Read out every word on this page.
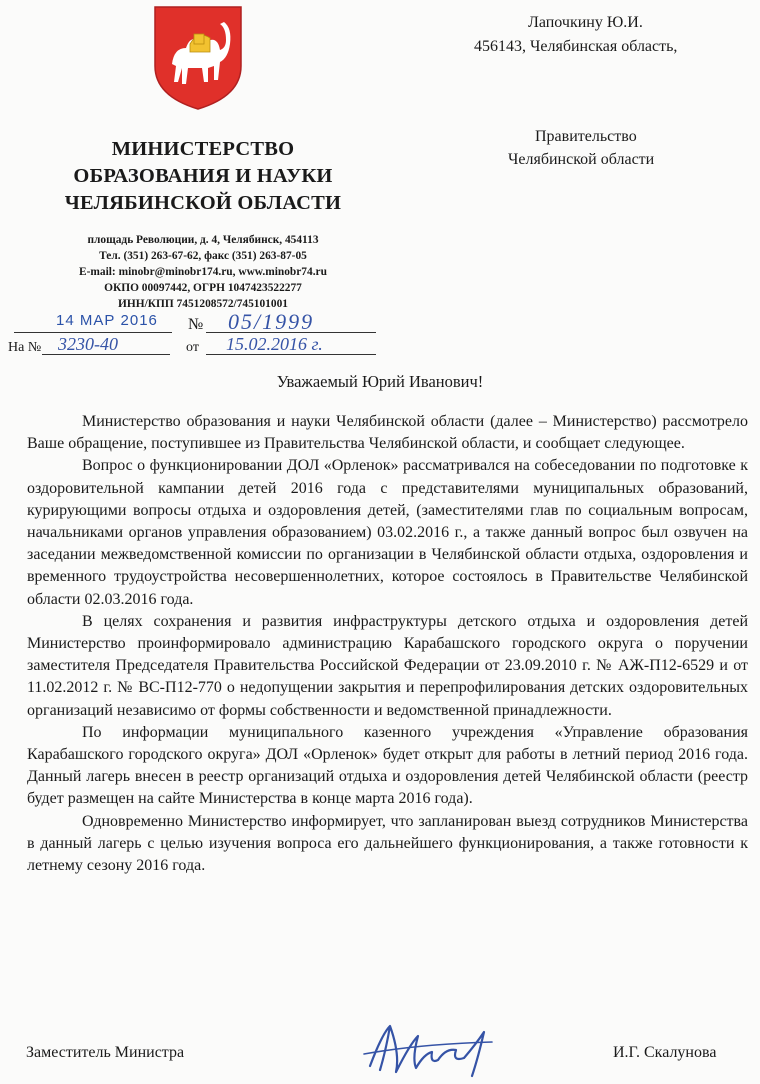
МИНИСТЕРСТВО
ОБРАЗОВАНИЯ И НАУКИ
ЧЕЛЯБИНСКОЙ ОБЛАСТИ
площадь Революции, д. 4, Челябинск, 454113
Тел. (351) 263-67-62, факс (351) 263-87-05
E-mail: minobr@minobr174.ru, www.minobr74.ru
ОКПО 00097442, ОГРН 1047423522277
ИНН/КПП 7451208572/745101001
Лапочкину Ю.И.
456143, Челябинская область,
Правительство
Челябинской области
14 МАР 2016 № 05/1999
На № 3230-40	от 15.02.2016 г.
Уважаемый Юрий Иванович!

Министерство образования и науки Челябинской области (далее – Министерство) рассмотрело Ваше обращение, поступившее из Правительства Челябинской области, и сообщает следующее.

Вопрос о функционировании ДОЛ «Орленок» рассматривался на собеседовании по подготовке к оздоровительной кампании детей 2016 года с представителями муниципальных образований, курирующими вопросы отдыха и оздоровления детей, (заместителями глав по социальным вопросам, начальниками органов управления образованием) 03.02.2016 г., а также данный вопрос был озвучен на заседании межведомственной комиссии по организации в Челябинской области отдыха, оздоровления и временного трудоустройства несовершеннолетних, которое состоялось в Правительстве Челябинской области 02.03.2016 года.

В целях сохранения и развития инфраструктуры детского отдыха и оздоровления детей Министерство проинформировало администрацию Карабашского городского округа о поручении заместителя Председателя Правительства Российской Федерации от 23.09.2010 г. № АЖ-П12-6529 и от 11.02.2012 г. № ВС-П12-770 о недопущении закрытия и перепрофилирования детских оздоровительных организаций независимо от формы собственности и ведомственной принадлежности.

По информации муниципального казенного учреждения «Управление образования Карабашского городского округа» ДОЛ «Орленок» будет открыт для работы в летний период 2016 года. Данный лагерь внесен в реестр организаций отдыха и оздоровления детей Челябинской области (реестр будет размещен на сайте Министерства в конце марта 2016 года).

Одновременно Министерство информирует, что запланирован выезд сотрудников Министерства в данный лагерь с целью изучения вопроса его дальнейшего функционирования, а также готовности к летнему сезону 2016 года.

Заместитель Министра	И.Г. Скалунова
